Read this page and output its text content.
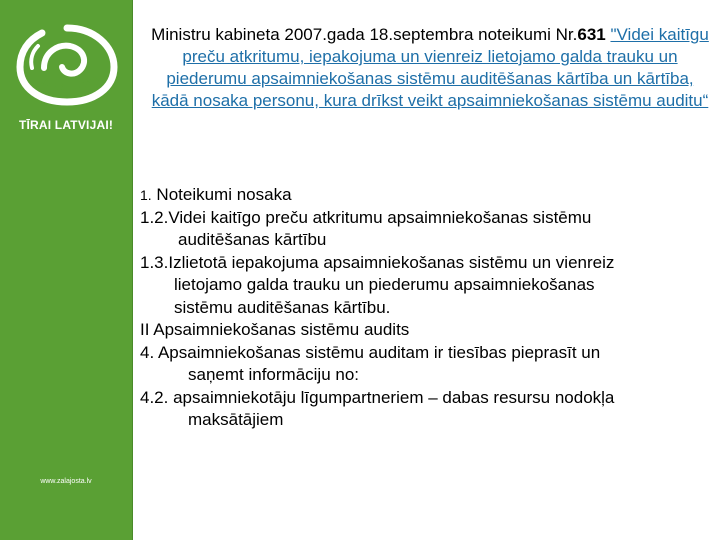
ZAĻĀ JOSTA
TĪRAI LATVIJAI!
www.zalajosta.lv
Ministru kabineta 2007.gada 18.septembra noteikumi Nr.631 "Videi kaitīgu preču atkritumu, iepakojuma un vienreiz lietojamo galda trauku un piederumu apsaimniekošanas sistēmu auditēšanas kārtība un kārtība, kādā nosaka personu, kura drīkst veikt apsaimniekošanas sistēmu auditu“
1. Noteikumi nosaka
1.2.Videi kaitīgo preču atkritumu apsaimniekošanas sistēmu
auditēšanas kārtību
1.3.Izlietotā iepakojuma apsaimniekošanas sistēmu un vienreiz
lietojamo galda trauku un piederumu apsaimniekošanas
sistēmu auditēšanas kārtību.
II Apsaimniekošanas sistēmu audits
4. Apsaimniekošanas sistēmu auditam ir tiesības pieprasīt un
saņemt informāciju no:
4.2. apsaimniekotāju līgumpartneriem – dabas resursu nodokļa
maksātājiem
